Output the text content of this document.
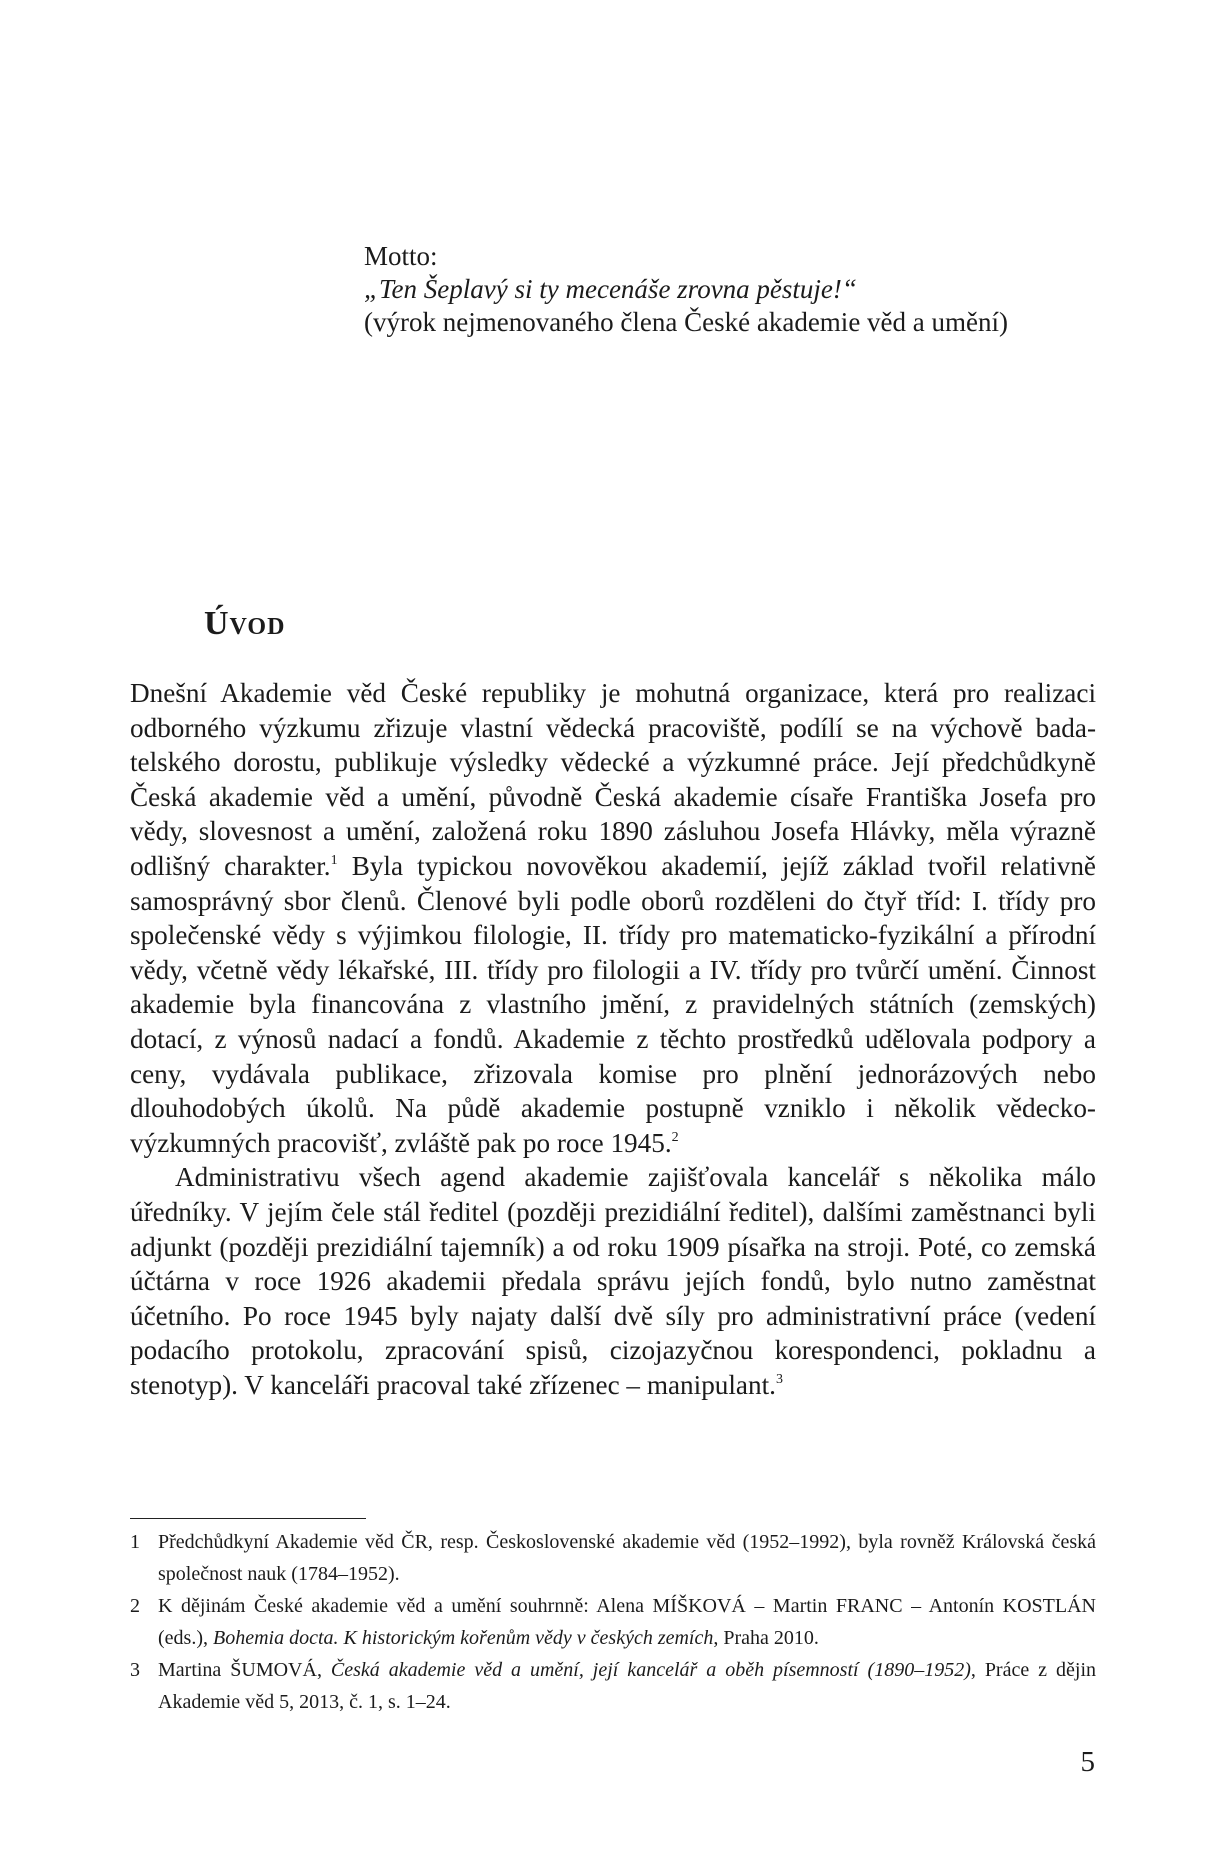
Motto:
„Ten Šeplavý si ty mecenáše zrovna pěstuje!“
(výrok nejmenovaného člena České akademie věd a umění)
Úvod

Dnešní Akademie věd České republiky je mohutná organizace, která pro realizaci odborného výzkumu zřizuje vlastní vědecká pracoviště, podílí se na výchově badatelského dorostu, publikuje výsledky vědecké a výzkumné práce. Její předchůdkyně Česká akademie věd a umění, původně Česká akademie císaře Františka Josefa pro vědy, slovesnost a umění, založená roku 1890 zásluhou Josefa Hlávky, měla výrazně odlišný charakter.$^1$ Byla typickou novověkou akademií, jejíž základ tvořil relativně samosprávný sbor členů. Členové byli podle oborů rozděleni do čtyř tříd: I. třídy pro společenské vědy s výjimkou filologie, II. třídy pro matematicko-fyzikální a přírodní vědy, včetně vědy lékařské, III. třídy pro filologii a IV. třídy pro tvůrčí umění. Činnost akademie byla financována z vlastního jmění, z pravidelných státních (zemských) dotací, z výnosů nadací a fondů. Akademie z těchto prostředků udělovala podpory a ceny, vydávala publikace, zřizovala komise pro plnění jednorázových nebo dlouhodobých úkolů. Na půdě akademie postupně vzniklo i několik vědecko-výzkumných pracovišť, zvláště pak po roce 1945.$^2$

Administrativu všech agend akademie zajišťovala kancelář s několika málo úředníky. V jejím čele stál ředitel (později prezidiální ředitel), dalšími zaměstnanci byli adjunkt (později prezidiální tajemník) a od roku 1909 písařka na stroji. Poté, co zemská účtárna v roce 1926 akademii předala správu jejích fondů, bylo nutno zaměstnat účetního. Po roce 1945 byly najaty další dvě síly pro administrativní práce (vedení podacího protokolu, zpracování spisů, cizojazyčnou korespondenci, pokladnu a stenotyp). V kanceláři pracoval také zřízenec – manipulant.$^3$

1 Předchůdkyní Akademie věd ČR, resp. Československé akademie věd (1952–1992), byla rovněž Královská česká společnost nauk (1784–1952).
2 K dějinám České akademie věd a umění souhrnně: Alena MÍŠKOVÁ – Martin FRANC – Antonín KOSTLÁN (eds.), Bohemia docta. K historickým kořenům vědy v českých zemích, Praha 2010.
3 Martina ŠUMOVÁ, Česká akademie věd a umění, její kancelář a oběh písemností (1890–1952), Práce z dějin Akademie věd 5, 2013, č. 1, s. 1–24.
5
